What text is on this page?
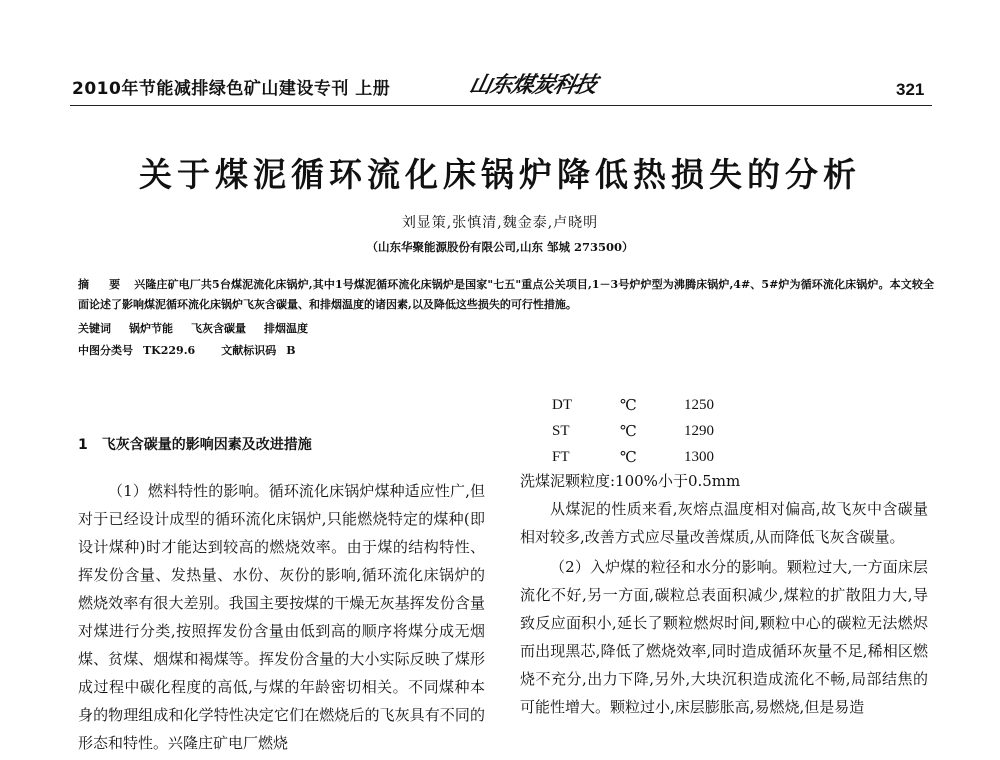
2010年节能减排绿色矿山建设专刊 上册	山东煤炭科技	321
关于煤泥循环流化床锅炉降低热损失的分析
刘显策,张慎清,魏金泰,卢晓明
（山东华聚能源股份有限公司,山东 邹城 273500）
摘 要 兴隆庄矿电厂共5台煤泥流化床锅炉,其中1号煤泥循环流化床锅炉是国家"七五"重点公关项目,1－3号炉炉型为沸腾床锅炉,4#、5#炉为循环流化床锅炉。本文较全面论述了影响煤泥循环流化床锅炉飞灰含碳量、和排烟温度的诸因素,以及降低这些损失的可行性措施。
关键词 锅炉节能 飞灰含碳量 排烟温度
中图分类号 TK229.6 文献标识码 B
1 飞灰含碳量的影响因素及改进措施

（1）燃料特性的影响。循环流化床锅炉煤种适应性广,但对于已经设计成型的循环流化床锅炉,只能燃烧特定的煤种(即设计煤种)时才能达到较高的燃烧效率。由于煤的结构特性、挥发份含量、发热量、水份、灰份的影响,循环流化床锅炉的燃烧效率有很大差别。我国主要按煤的干燥无灰基挥发份含量对煤进行分类,按照挥发份含量由低到高的顺序将煤分成无烟煤、贫煤、烟煤和褐煤等。挥发份含量的大小实际反映了煤形成过程中碳化程度的高低,与煤的年龄密切相关。不同煤种本身的物理组成和化学特性决定它们在燃烧后的飞灰具有不同的形态和特性。兴隆庄矿电厂燃烧

DT	℃	1250
ST	℃	1290
FT	℃	1300

洗煤泥颗粒度:100%小于0.5mm

从煤泥的性质来看,灰熔点温度相对偏高,故飞灰中含碳量相对较多,改善方式应尽量改善煤质,从而降低飞灰含碳量。

（2）入炉煤的粒径和水分的影响。颗粒过大,一方面床层流化不好,另一方面,碳粒总表面积减少,煤粒的扩散阻力大,导致反应面积小,延长了颗粒燃烬时间,颗粒中心的碳粒无法燃烬而出现黑芯,降低了燃烧效率,同时造成循环灰量不足,稀相区燃烧不充分,出力下降,另外,大块沉积造成流化不畅,局部结焦的可能性增大。颗粒过小,床层膨胀高,易燃烧,但是易造
